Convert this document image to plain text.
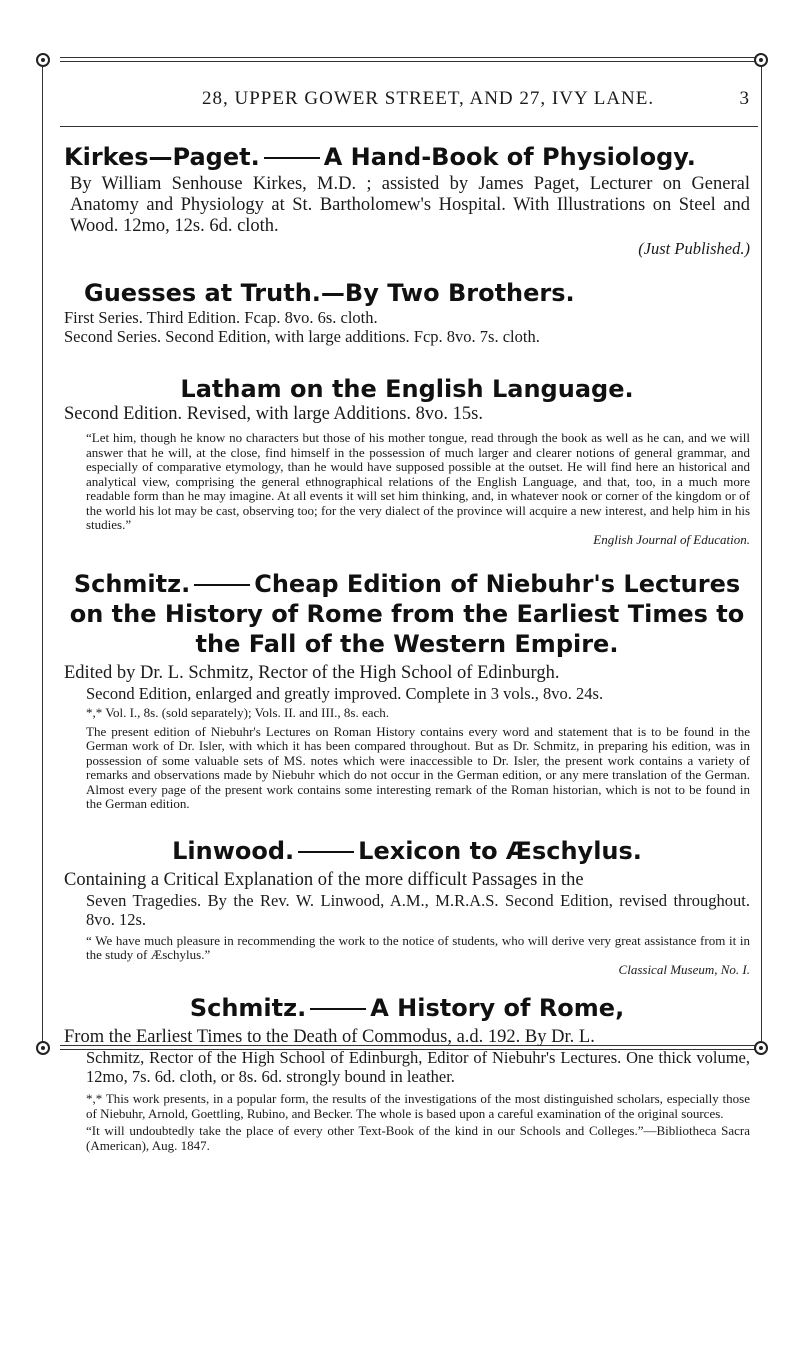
28, UPPER GOWER STREET, AND 27, IVY LANE.	3
Kirkes—Paget.	A Hand-Book of Physiology.

By William Senhouse Kirkes, M.D. ; assisted by James Paget, Lecturer on General Anatomy and Physiology at St. Bartholomew's Hospital. With Illustrations on Steel and Wood. 12mo, 12s. 6d. cloth.

(Just Published.)

Guesses at Truth.—By Two Brothers.

First Series. Third Edition. Fcap. 8vo. 6s. cloth.

Second Series. Second Edition, with large additions. Fcp. 8vo. 7s. cloth.

Latham on the English Language.

Second Edition. Revised, with large Additions. 8vo. 15s.

“Let him, though he know no characters but those of his mother tongue, read through the book as well as he can, and we will answer that he will, at the close, find himself in the possession of much larger and clearer notions of general grammar, and especially of comparative etymology, than he would have supposed possible at the outset. He will find here an historical and analytical view, comprising the general ethnographical relations of the English Language, and that, too, in a much more readable form than he may imagine. At all events it will set him thinking, and, in whatever nook or corner of the kingdom or of the world his lot may be cast, observing too; for the very dialect of the province will acquire a new interest, and help him in his studies.”

English Journal of Education.

Schmitz.	Cheap Edition of Niebuhr's Lectures on the History of Rome from the Earliest Times to the Fall of the Western Empire.

Edited by Dr. L. Schmitz, Rector of the High School of Edinburgh.

Second Edition, enlarged and greatly improved. Complete in 3 vols., 8vo. 24s.

*,* Vol. I., 8s. (sold separately); Vols. II. and III., 8s. each.

The present edition of Niebuhr's Lectures on Roman History contains every word and statement that is to be found in the German work of Dr. Isler, with which it has been compared throughout. But as Dr. Schmitz, in preparing his edition, was in possession of some valuable sets of MS. notes which were inaccessible to Dr. Isler, the present work contains a variety of remarks and observations made by Niebuhr which do not occur in the German edition, or any mere translation of the German. Almost every page of the present work contains some interesting remark of the Roman historian, which is not to be found in the German edition.

Linwood.	Lexicon to Æschylus.

Containing a Critical Explanation of the more difficult Passages in the

Seven Tragedies. By the Rev. W. Linwood, A.M., M.R.A.S. Second Edition, revised throughout. 8vo. 12s.

“ We have much pleasure in recommending the work to the notice of students, who will derive very great assistance from it in the study of Æschylus.”

Classical Museum, No. I.

Schmitz.	A History of Rome,

From the Earliest Times to the Death of Commodus, a.d. 192. By Dr. L.

Schmitz, Rector of the High School of Edinburgh, Editor of Niebuhr's Lectures. One thick volume, 12mo, 7s. 6d. cloth, or 8s. 6d. strongly bound in leather.

*,* This work presents, in a popular form, the results of the investigations of the most distinguished scholars, especially those of Niebuhr, Arnold, Goettling, Rubino, and Becker. The whole is based upon a careful examination of the original sources.

“It will undoubtedly take the place of every other Text-Book of the kind in our Schools and Colleges.”—Bibliotheca Sacra (American), Aug. 1847.
